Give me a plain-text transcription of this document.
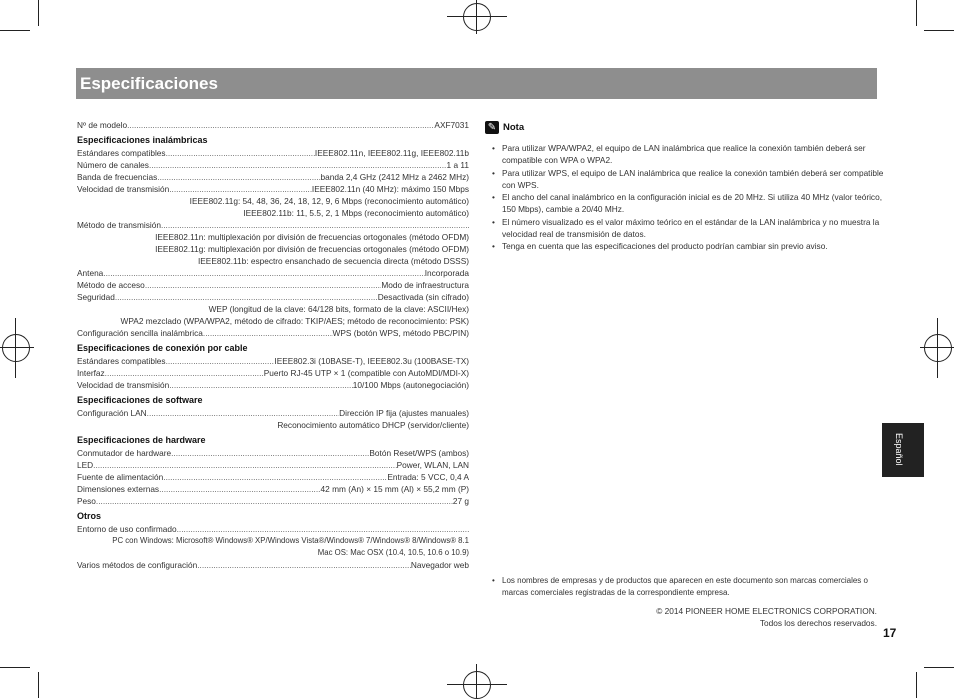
Especificaciones
Nº de modelo .....	AXF7031
Especificaciones inalámbricas
Estándares compatibles .....	IEEE802.11n, IEEE802.11g, IEEE802.11b
Número de canales .....	1 a 11
Banda de frecuencias .....	banda 2,4 GHz (2412 MHz a 2462 MHz)
Velocidad de transmisión .....	IEEE802.11n (40 MHz): máximo 150 Mbps
IEEE802.11g: 54, 48, 36, 24, 18, 12, 9, 6 Mbps (reconocimiento automático)
IEEE802.11b: 11, 5.5, 2, 1 Mbps (reconocimiento automático)
Método de transmisión
.....
IEEE802.11n: multiplexación por división de frecuencias ortogonales (método OFDM)
IEEE802.11g: multiplexación por división de frecuencias ortogonales (método OFDM)
IEEE802.11b: espectro ensanchado de secuencia directa (método DSSS)
Antena .....	Incorporada
Método de acceso .....	Modo de infraestructura
Seguridad .....	Desactivada (sin cifrado)
WEP (longitud de la clave: 64/128 bits, formato de la clave: ASCII/Hex)
WPA2 mezclado (WPA/WPA2, método de cifrado: TKIP/AES; método de reconocimiento: PSK)
Configuración sencilla inalámbrica .....	WPS (botón WPS, método PBC/PIN)
Especificaciones de conexión por cable
Estándares compatibles .....	IEEE802.3i (10BASE-T), IEEE802.3u (100BASE-TX)
Interfaz .....	Puerto RJ-45 UTP × 1 (compatible con AutoMDI/MDI-X)
Velocidad de transmisión .....	10/100 Mbps (autonegociación)
Especificaciones de software
Configuración LAN .....	Dirección IP fija (ajustes manuales)
Reconocimiento automático DHCP (servidor/cliente)
Especificaciones de hardware
Conmutador de hardware .....	Botón Reset/WPS (ambos)
LED .....	Power, WLAN, LAN
Fuente de alimentación .....	Entrada: 5 VCC, 0,4 A
Dimensiones externas .....	42 mm (An) × 15 mm (Al) × 55,2 mm (P)
Peso .....	27 g
Otros
Entorno de uso confirmado
.....
PC con Windows: Microsoft® Windows® XP/Windows Vista®/Windows® 7/Windows® 8/Windows® 8.1
Mac OS: Mac OSX (10.4, 10.5, 10.6 o 10.9)
Varios métodos de configuración .....	Navegador web
✎ Nota
• Para utilizar WPA/WPA2, el equipo de LAN inalámbrica que realice la conexión también deberá ser compatible con WPA o WPA2.
• Para utilizar WPS, el equipo de LAN inalámbrica que realice la conexión también deberá ser compatible con WPS.
• El ancho del canal inalámbrico en la configuración inicial es de 20 MHz. Si utiliza 40 MHz (valor teórico, 150 Mbps), cambie a 20/40 MHz.
• El número visualizado es el valor máximo teórico en el estándar de la LAN inalámbrica y no muestra la velocidad real de transmisión de datos.
• Tenga en cuenta que las especificaciones del producto podrían cambiar sin previo aviso.
• Los nombres de empresas y de productos que aparecen en este documento son marcas comerciales o marcas comerciales registradas de la correspondiente empresa.
© 2014 PIONEER HOME ELECTRONICS CORPORATION.
Todos los derechos reservados.
17
Español
